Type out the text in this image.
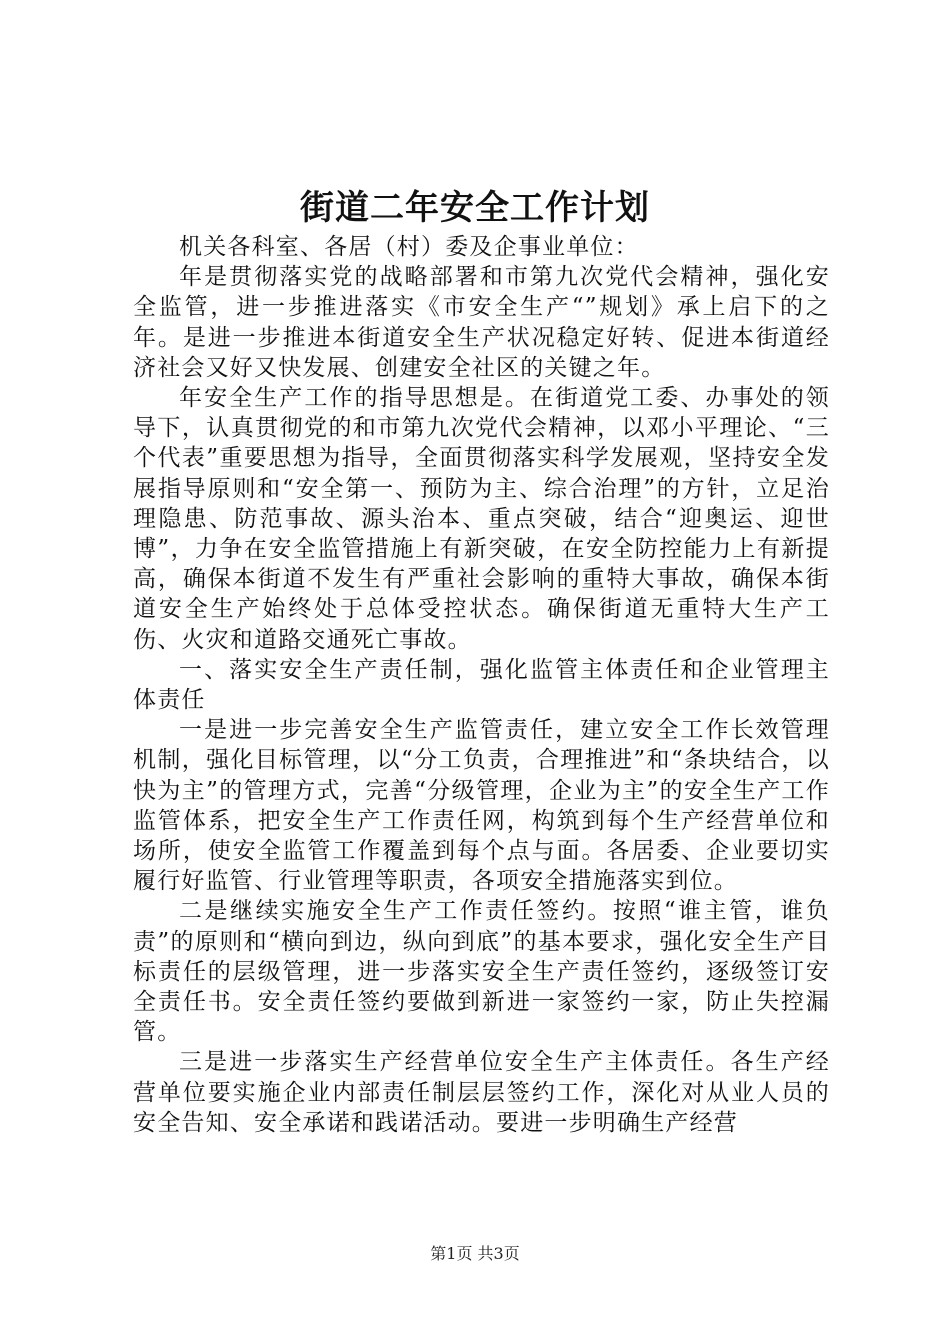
街道二年安全工作计划

机关各科室、各居（村）委及企事业单位：

年是贯彻落实党的战略部署和市第九次党代会精神，强化安全监管，进一步推进落实《市安全生产“”规划》承上启下的之年。是进一步推进本街道安全生产状况稳定好转、促进本街道经济社会又好又快发展、创建安全社区的关键之年。

年安全生产工作的指导思想是。在街道党工委、办事处的领导下，认真贯彻党的和市第九次党代会精神，以邓小平理论、“三个代表”重要思想为指导，全面贯彻落实科学发展观，坚持安全发展指导原则和“安全第一、预防为主、综合治理”的方针，立足治理隐患、防范事故、源头治本、重点突破，结合“迎奥运、迎世博”，力争在安全监管措施上有新突破，在安全防控能力上有新提高，确保本街道不发生有严重社会影响的重特大事故，确保本街道安全生产始终处于总体受控状态。确保街道无重特大生产工伤、火灾和道路交通死亡事故。

一、落实安全生产责任制，强化监管主体责任和企业管理主体责任

一是进一步完善安全生产监管责任，建立安全工作长效管理机制，强化目标管理，以“分工负责，合理推进”和“条块结合，以快为主”的管理方式，完善“分级管理，企业为主”的安全生产工作监管体系，把安全生产工作责任网，构筑到每个生产经营单位和场所，使安全监管工作覆盖到每个点与面。各居委、企业要切实履行好监管、行业管理等职责，各项安全措施落实到位。

二是继续实施安全生产工作责任签约。按照“谁主管，谁负责”的原则和“横向到边，纵向到底”的基本要求，强化安全生产目标责任的层级管理，进一步落实安全生产责任签约，逐级签订安全责任书。安全责任签约要做到新进一家签约一家，防止失控漏管。

三是进一步落实生产经营单位安全生产主体责任。各生产经营单位要实施企业内部责任制层层签约工作，深化对从业人员的安全告知、安全承诺和践诺活动。要进一步明确生产经营

第1页 共3页
